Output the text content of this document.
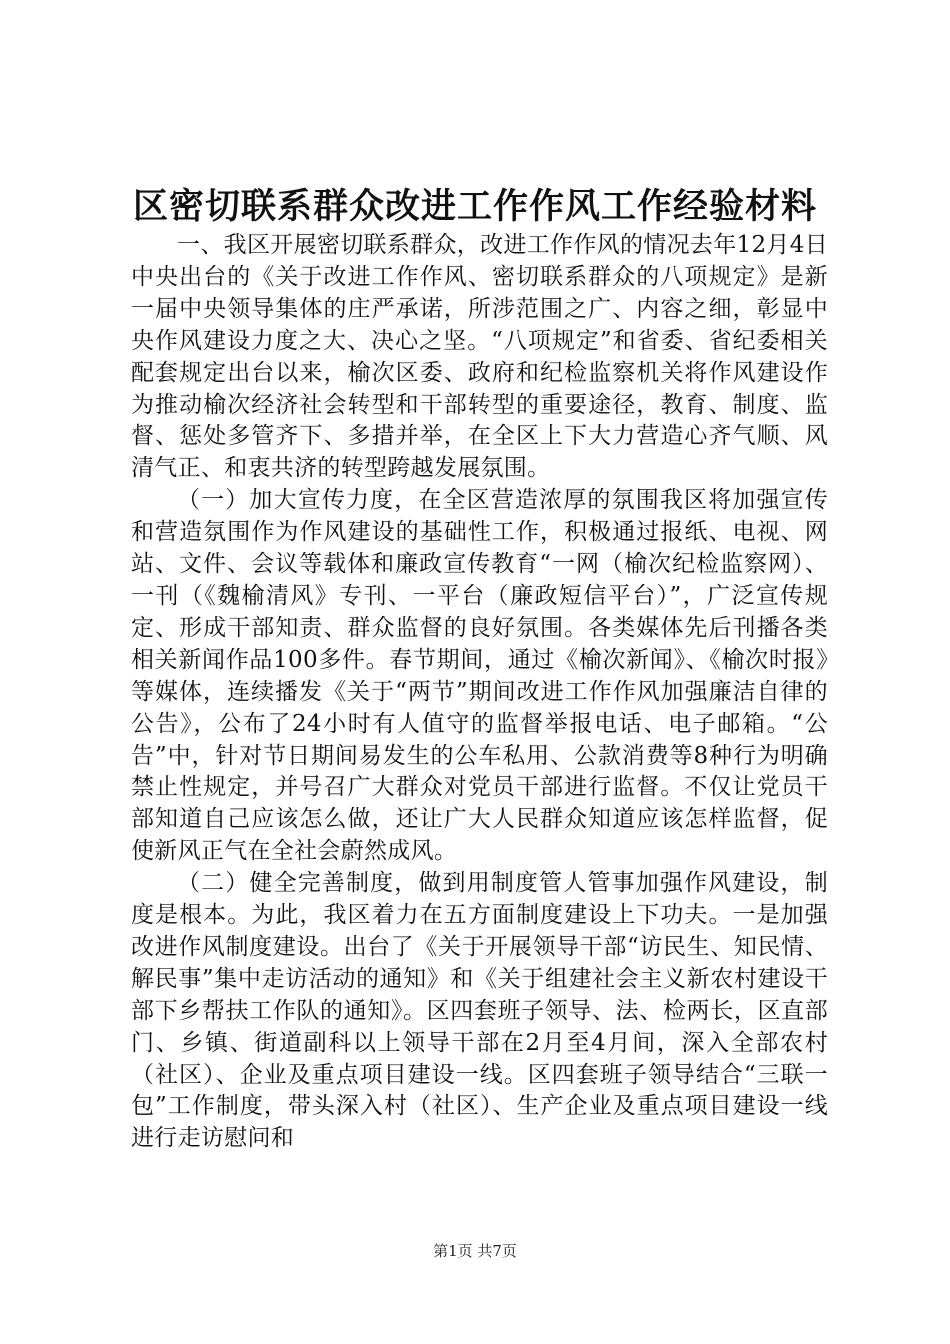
区密切联系群众改进工作作风工作经验材料

一、我区开展密切联系群众，改进工作作风的情况去年12月4日中央出台的《关于改进工作作风、密切联系群众的八项规定》是新一届中央领导集体的庄严承诺，所涉范围之广、内容之细，彰显中央作风建设力度之大、决心之坚。“八项规定”和省委、省纪委相关配套规定出台以来，榆次区委、政府和纪检监察机关将作风建设作为推动榆次经济社会转型和干部转型的重要途径，教育、制度、监督、惩处多管齐下、多措并举，在全区上下大力营造心齐气顺、风清气正、和衷共济的转型跨越发展氛围。

（一）加大宣传力度，在全区营造浓厚的氛围我区将加强宣传和营造氛围作为作风建设的基础性工作，积极通过报纸、电视、网站、文件、会议等载体和廉政宣传教育“一网（榆次纪检监察网）、一刊（《魏榆清风》专刊、一平台（廉政短信平台）”，广泛宣传规定、形成干部知责、群众监督的良好氛围。各类媒体先后刊播各类相关新闻作品100多件。春节期间，通过《榆次新闻》、《榆次时报》等媒体，连续播发《关于“两节”期间改进工作作风加强廉洁自律的公告》，公布了24小时有人值守的监督举报电话、电子邮箱。“公告”中，针对节日期间易发生的公车私用、公款消费等8种行为明确禁止性规定，并号召广大群众对党员干部进行监督。不仅让党员干部知道自己应该怎么做，还让广大人民群众知道应该怎样监督，促使新风正气在全社会蔚然成风。

（二）健全完善制度，做到用制度管人管事加强作风建设，制度是根本。为此，我区着力在五方面制度建设上下功夫。一是加强改进作风制度建设。出台了《关于开展领导干部“访民生、知民情、解民事”集中走访活动的通知》和《关于组建社会主义新农村建设干部下乡帮扶工作队的通知》。区四套班子领导、法、检两长，区直部门、乡镇、街道副科以上领导干部在2月至4月间，深入全部农村（社区）、企业及重点项目建设一线。区四套班子领导结合“三联一包”工作制度，带头深入村（社区）、生产企业及重点项目建设一线进行走访慰问和

第1页 共7页
